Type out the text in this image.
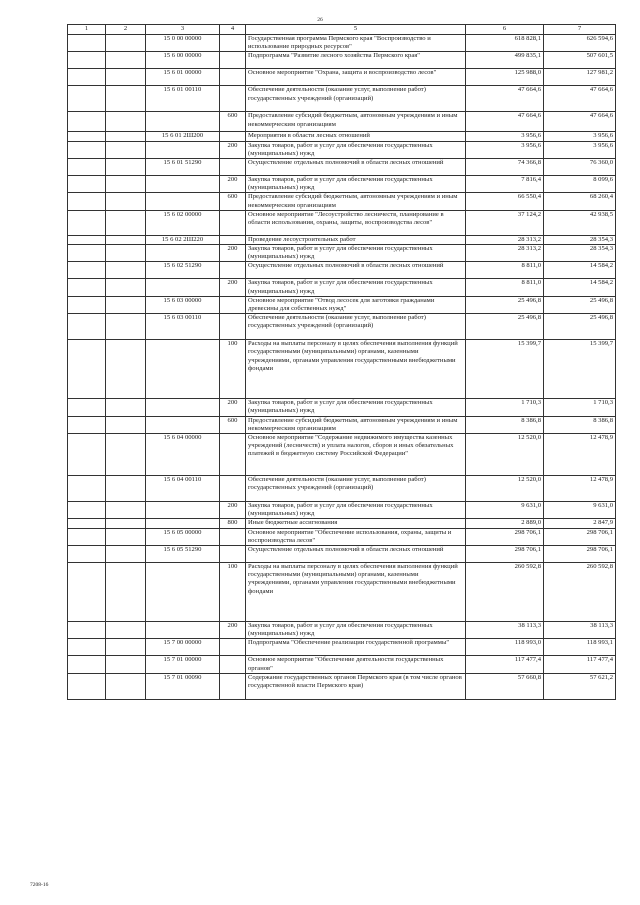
26
1	2	3	4	5	6	7
		15 0 00 00000		Государственная программа Пермского края "Воспроизводство и использование природных ресурсов"	618 828,1	626 594,6
		15 6 00 00000		Подпрограмма "Развитие лесного хозяйства Пермского края"	499 835,1	507 601,5
		15 6 01 00000		Основное мероприятие "Охрана, защита и воспроизводство лесов"	125 988,0	127 981,2
		15 6 01 00110		Обеспечение деятельности (оказание услуг, выполнение работ) государственных учреждений (организаций)	47 664,6	47 664,6
			600	Предоставление субсидий бюджетным, автономным учреждениям и иным некоммерческим организациям	47 664,6	47 664,6
		15 6 01 2Ш200		Мероприятия в области лесных отношений	3 956,6	3 956,6
			200	Закупка товаров, работ и услуг для обеспечения государственных (муниципальных) нужд	3 956,6	3 956,6
		15 6 01 51290		Осуществление отдельных полномочий в области лесных отношений	74 366,8	76 360,0
			200	Закупка товаров, работ и услуг для обеспечения государственных (муниципальных) нужд	7 816,4	8 099,6
			600	Предоставление субсидий бюджетным, автономным учреждениям и иным некоммерческим организациям	66 550,4	68 260,4
		15 6 02 00000		Основное мероприятие "Лесоустройство лесничеств, планирование в области использования, охраны, защиты, воспроизводства лесов"	37 124,2	42 938,5
		15 6 02 2Ш220		Проведение лесоустроительных работ	28 313,2	28 354,3
			200	Закупка товаров, работ и услуг для обеспечения государственных (муниципальных) нужд	28 313,2	28 354,3
		15 6 02 51290		Осуществление отдельных полномочий в области лесных отношений	8 811,0	14 584,2
			200	Закупка товаров, работ и услуг для обеспечения государственных (муниципальных) нужд	8 811,0	14 584,2
		15 6 03 00000		Основное мероприятие "Отвод лесосек для заготовки гражданами древесины для собственных нужд"	25 496,8	25 496,8
		15 6 03 00110		Обеспечение деятельности (оказание услуг, выполнение работ) государственных учреждений (организаций)	25 496,8	25 496,8
			100	Расходы на выплаты персоналу в целях обеспечения выполнения функций государственными (муниципальными) органами, казенными учреждениями, органами управления государственными внебюджетными фондами	15 399,7	15 399,7
			200	Закупка товаров, работ и услуг для обеспечения государственных (муниципальных) нужд	1 710,3	1 710,3
			600	Предоставление субсидий бюджетным, автономным учреждениям и иным некоммерческим организациям	8 386,8	8 386,8
		15 6 04 00000		Основное мероприятие "Содержание недвижимого имущества казенных учреждений (лесничеств) и уплата налогов, сборов и иных обязательных платежей в бюджетную систему Российской Федерации"	12 520,0	12 478,9
		15 6 04 00110		Обеспечение деятельности (оказание услуг, выполнение работ) государственных учреждений (организаций)	12 520,0	12 478,9
			200	Закупка товаров, работ и услуг для обеспечения государственных (муниципальных) нужд	9 631,0	9 631,0
			800	Иные бюджетные ассигнования	2 889,0	2 847,9
		15 6 05 00000		Основное мероприятие "Обеспечение использования, охраны, защиты и воспроизводства лесов"	298 706,1	298 706,1
		15 6 05 51290		Осуществление отдельных полномочий в области лесных отношений	298 706,1	298 706,1
			100	Расходы на выплаты персоналу в целях обеспечения выполнения функций государственными (муниципальными) органами, казенными учреждениями, органами управления государственными внебюджетными фондами	260 592,8	260 592,8
			200	Закупка товаров, работ и услуг для обеспечения государственных (муниципальных) нужд	38 113,3	38 113,3
		15 7 00 00000		Подпрограмма "Обеспечение реализации государственной программы"	118 993,0	118 993,1
		15 7 01 00000		Основное мероприятие "Обеспечение деятельности государственных органов"	117 477,4	117 477,4
		15 7 01 00090		Содержание государственных органов Пермского края (в том числе органов государственной власти Пермского края)	57 660,8	57 621,2
7208-16
